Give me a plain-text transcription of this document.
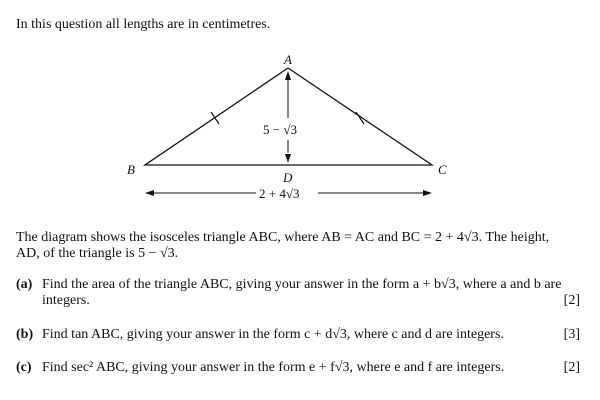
In this question all lengths are in centimetres.
A
B	C
D
5 − √3
2 + 4√3
The diagram shows the isosceles triangle ABC, where AB = AC and BC = 2 + 4√3. The height,
AD, of the triangle is 5 − √3.
(a) Find the area of the triangle ABC, giving your answer in the form a + b√3, where a and b are
integers.	[2]
(b) Find tan ABC, giving your answer in the form c + d√3, where c and d are integers.	[3]
(c) Find sec² ABC, giving your answer in the form e + f√3, where e and f are integers.	[2]
